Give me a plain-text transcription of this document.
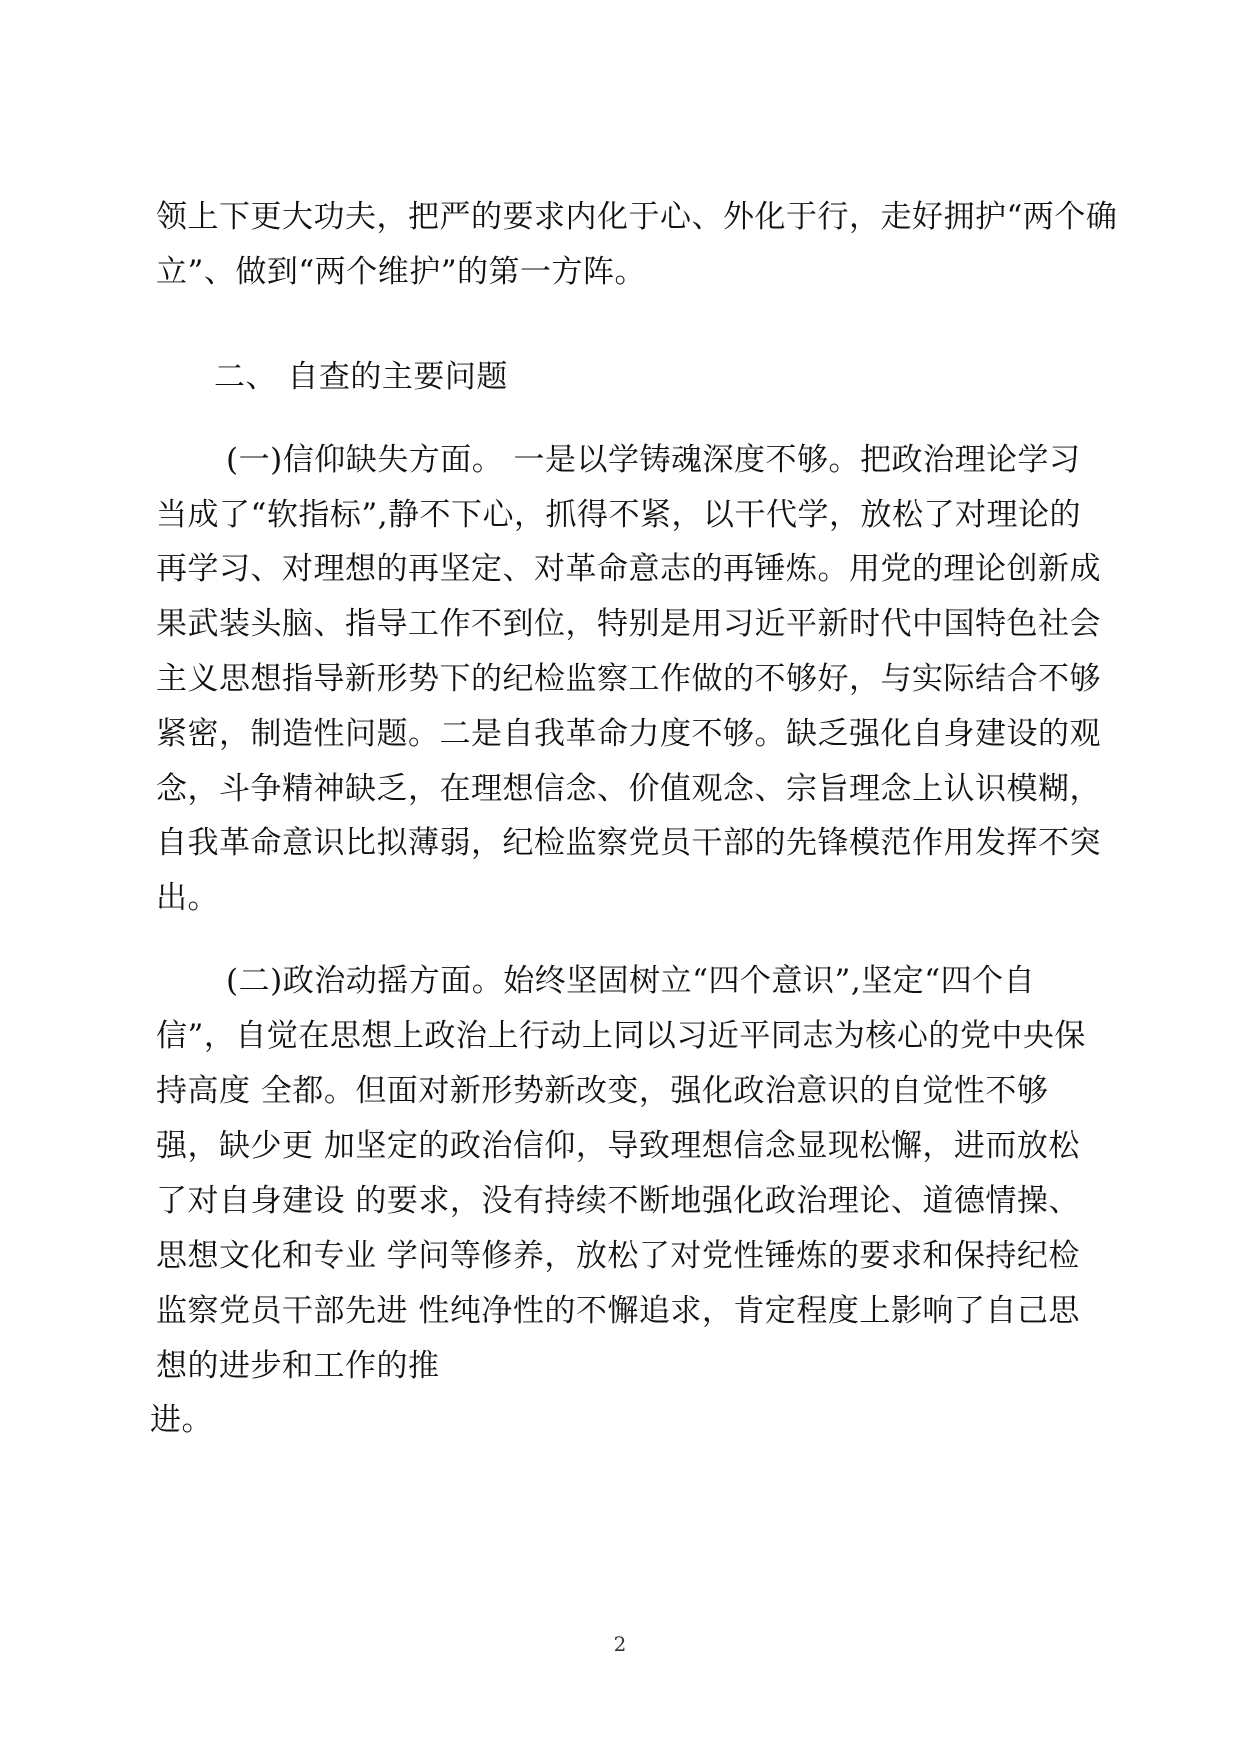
领上下更大功夫，把严的要求内化于心、外化于行，走好拥护“两个确
立”、做到“两个维护”的第一方阵。
二、 自查的主要问题
(一)信仰缺失方面。 一是以学铸魂深度不够。把政治理论学习
当成了“软指标”,静不下心，抓得不紧，以干代学，放松了对理论的
再学习、对理想的再坚定、对革命意志的再锤炼。用党的理论创新成
果武装头脑、指导工作不到位，特别是用习近平新时代中国特色社会
主义思想指导新形势下的纪检监察工作做的不够好，与实际结合不够
紧密，制造性问题。二是自我革命力度不够。缺乏强化自身建设的观
念，斗争精神缺乏，在理想信念、价值观念、宗旨理念上认识模糊，
自我革命意识比拟薄弱，纪检监察党员干部的先锋模范作用发挥不突
出。
(二)政治动摇方面。始终坚固树立“四个意识”,坚定“四个自
信”，自觉在思想上政治上行动上同以习近平同志为核心的党中央保
持高度 全都。但面对新形势新改变，强化政治意识的自觉性不够
强，缺少更 加坚定的政治信仰，导致理想信念显现松懈，进而放松
了对自身建设 的要求，没有持续不断地强化政治理论、道德情操、
思想文化和专业 学问等修养，放松了对党性锤炼的要求和保持纪检
监察党员干部先进 性纯净性的不懈追求，肯定程度上影响了自己思
想的进步和工作的推
进。
2
